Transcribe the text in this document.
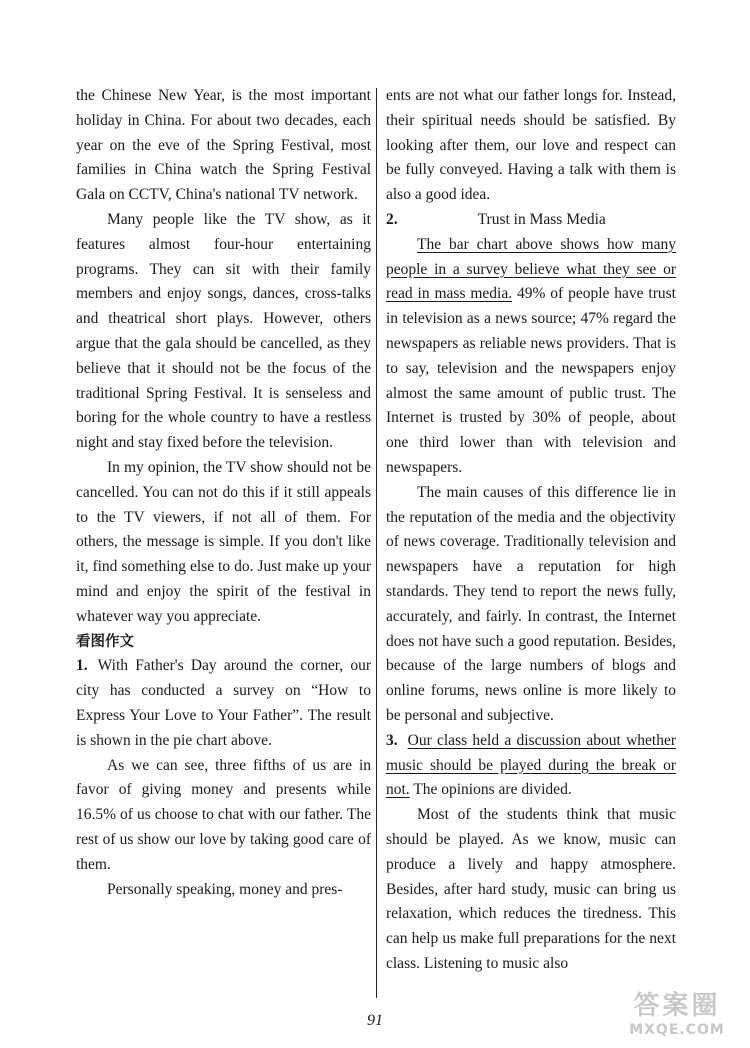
the Chinese New Year, is the most important holiday in China. For about two decades, each year on the eve of the Spring Festival, most families in China watch the Spring Festival Gala on CCTV, China's national TV network.

Many people like the TV show, as it features almost four-hour entertaining programs. They can sit with their family members and enjoy songs, dances, cross-talks and theatrical short plays. However, others argue that the gala should be cancelled, as they believe that it should not be the focus of the traditional Spring Festival. It is senseless and boring for the whole country to have a restless night and stay fixed before the television.

In my opinion, the TV show should not be cancelled. You can not do this if it still appeals to the TV viewers, if not all of them. For others, the message is simple. If you don't like it, find something else to do. Just make up your mind and enjoy the spirit of the festival in whatever way you appreciate.

看图作文

1. With Father's Day around the corner, our city has conducted a survey on “How to Express Your Love to Your Father”. The result is shown in the pie chart above.

As we can see, three fifths of us are in favor of giving money and presents while 16.5% of us choose to chat with our father. The rest of us show our love by taking good care of them.

Personally speaking, money and pres-

ents are not what our father longs for. Instead, their spiritual needs should be satisfied. By looking after them, our love and respect can be fully conveyed. Having a talk with them is also a good idea.

2.	Trust in Mass Media

The bar chart above shows how many people in a survey believe what they see or read in mass media. 49% of people have trust in television as a news source; 47% regard the newspapers as reliable news providers. That is to say, television and the newspapers enjoy almost the same amount of public trust. The Internet is trusted by 30% of people, about one third lower than with television and newspapers.

The main causes of this difference lie in the reputation of the media and the objectivity of news coverage. Traditionally television and newspapers have a reputation for high standards. They tend to report the news fully, accurately, and fairly. In contrast, the Internet does not have such a good reputation. Besides, because of the large numbers of blogs and online forums, news online is more likely to be personal and subjective.

3. Our class held a discussion about whether music should be played during the break or not. The opinions are divided.

Most of the students think that music should be played. As we know, music can produce a lively and happy atmosphere. Besides, after hard study, music can bring us relaxation, which reduces the tiredness. This can help us make full preparations for the next class. Listening to music also

91	答案圈
MXQE.COM
